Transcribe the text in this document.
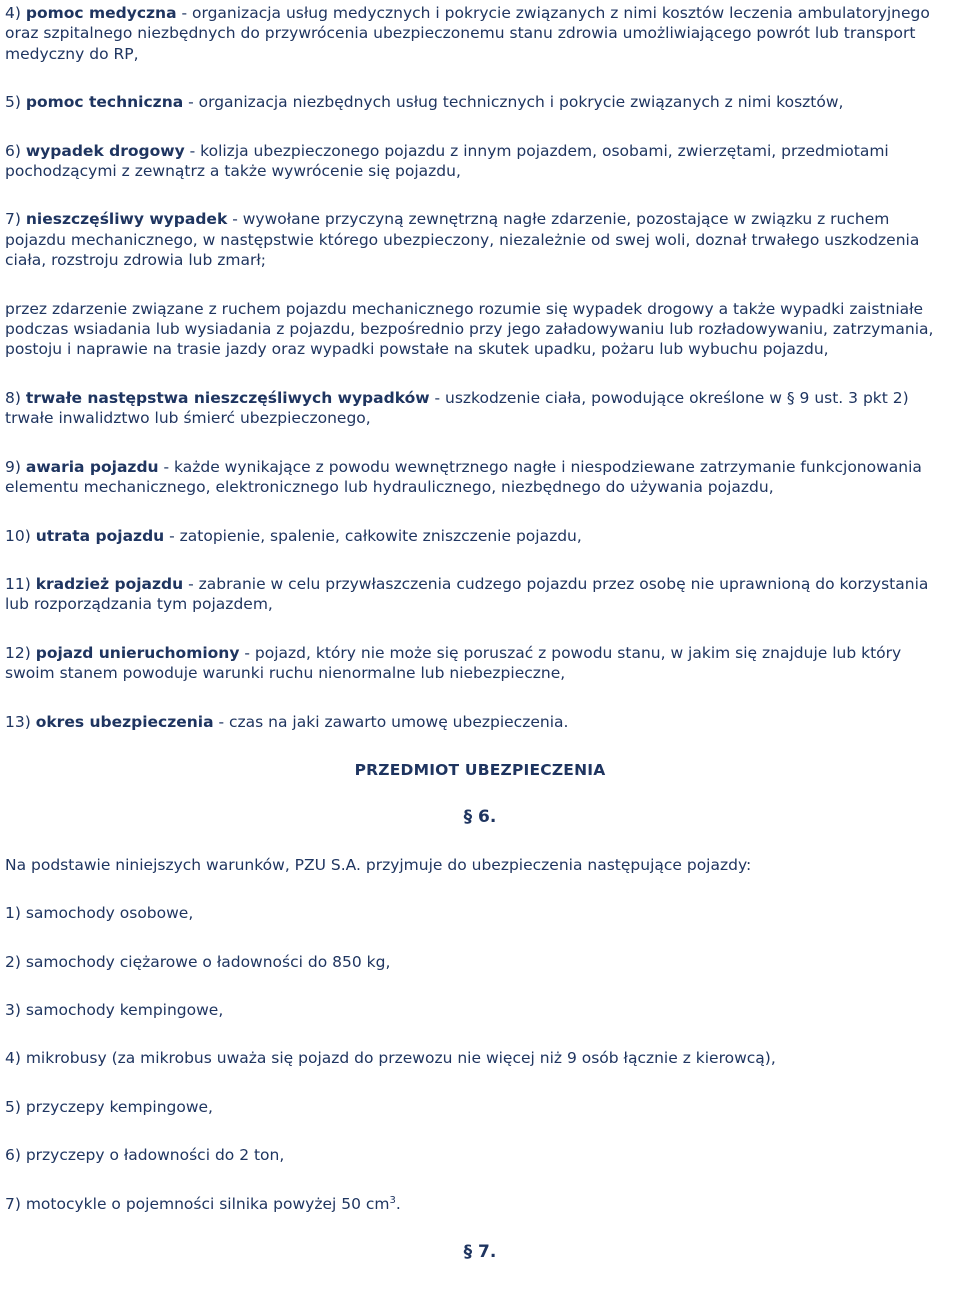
4) pomoc medyczna - organizacja usług medycznych i pokrycie związanych z nimi kosztów leczenia ambulatoryjnego oraz szpitalnego niezbędnych do przywrócenia ubezpieczonemu stanu zdrowia umożliwiającego powrót lub transport medyczny do RP,

5) pomoc techniczna - organizacja niezbędnych usług technicznych i pokrycie związanych z nimi kosztów,

6) wypadek drogowy - kolizja ubezpieczonego pojazdu z innym pojazdem, osobami, zwierzętami, przedmiotami pochodzącymi z zewnątrz a także wywrócenie się pojazdu,

7) nieszczęśliwy wypadek - wywołane przyczyną zewnętrzną nagłe zdarzenie, pozostające w związku z ruchem pojazdu mechanicznego, w następstwie którego ubezpieczony, niezależnie od swej woli, doznał trwałego uszkodzenia ciała, rozstroju zdrowia lub zmarł;

przez zdarzenie związane z ruchem pojazdu mechanicznego rozumie się wypadek drogowy a także wypadki zaistniałe podczas wsiadania lub wysiadania z pojazdu, bezpośrednio przy jego załadowywaniu lub rozładowywaniu, zatrzymania, postoju i naprawie na trasie jazdy oraz wypadki powstałe na skutek upadku, pożaru lub wybuchu pojazdu,

8) trwałe następstwa nieszczęśliwych wypadków - uszkodzenie ciała, powodujące określone w § 9 ust. 3 pkt 2) trwałe inwalidztwo lub śmierć ubezpieczonego,

9) awaria pojazdu - każde wynikające z powodu wewnętrznego nagłe i niespodziewane zatrzymanie funkcjonowania elementu mechanicznego, elektronicznego lub hydraulicznego, niezbędnego do używania pojazdu,

10) utrata pojazdu - zatopienie, spalenie, całkowite zniszczenie pojazdu,

11) kradzież pojazdu - zabranie w celu przywłaszczenia cudzego pojazdu przez osobę nie uprawnioną do korzystania lub rozporządzania tym pojazdem,

12) pojazd unieruchomiony - pojazd, który nie może się poruszać z powodu stanu, w jakim się znajduje lub który swoim stanem powoduje warunki ruchu nienormalne lub niebezpieczne,

13) okres ubezpieczenia - czas na jaki zawarto umowę ubezpieczenia.

PRZEDMIOT UBEZPIECZENIA

§ 6.

Na podstawie niniejszych warunków, PZU S.A. przyjmuje do ubezpieczenia następujące pojazdy:

1) samochody osobowe,

2) samochody ciężarowe o ładowności do 850 kg,

3) samochody kempingowe,

4) mikrobusy (za mikrobus uważa się pojazd do przewozu nie więcej niż 9 osób łącznie z kierowcą),

5) przyczepy kempingowe,

6) przyczepy o ładowności do 2 ton,

7) motocykle o pojemności silnika powyżej 50 $cm^3$.

§ 7.
